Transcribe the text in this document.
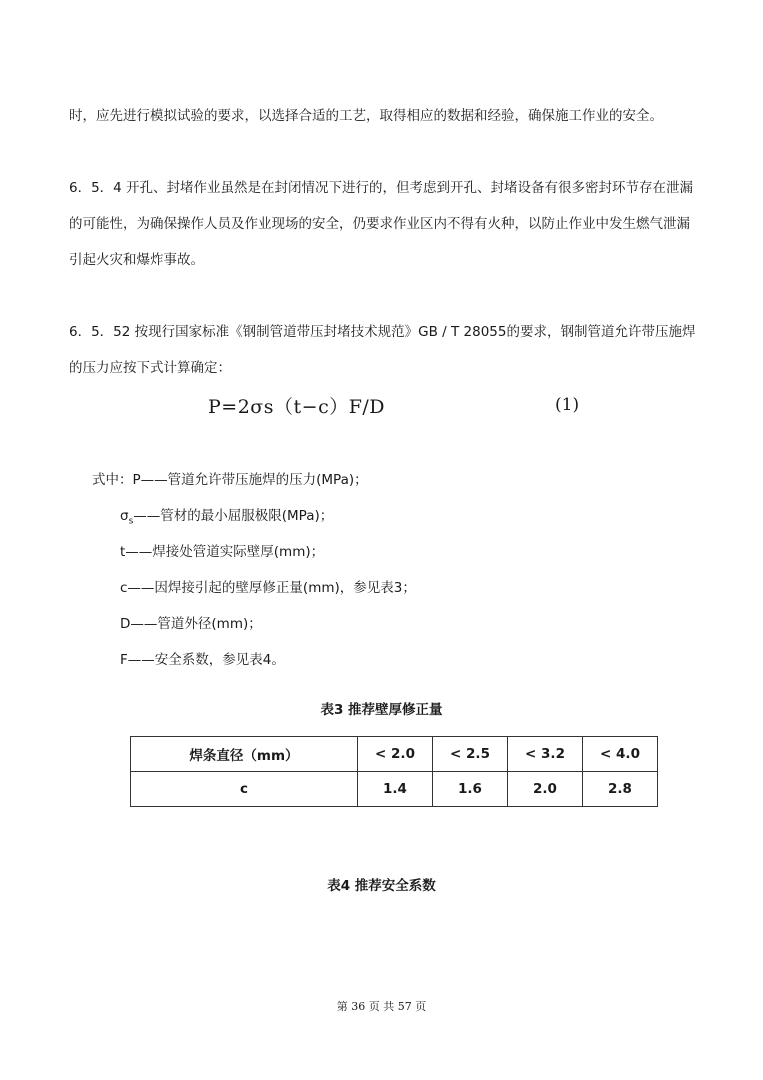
时，应先进行模拟试验的要求，以选择合适的工艺，取得相应的数据和经验，确保施工作业的安全。

6．5．4 开孔、封堵作业虽然是在封闭情况下进行的，但考虑到开孔、封堵设备有很多密封环节存在泄漏的可能性，为确保操作人员及作业现场的安全，仍要求作业区内不得有火种，以防止作业中发生燃气泄漏引起火灾和爆炸事故。

6．5．52 按现行国家标准《钢制管道带压封堵技术规范》GB / T 28055的要求，钢制管道允许带压施焊的压力应按下式计算确定：

P=2σs（t−c）F/D	(1)

式中：P——管道允许带压施焊的压力(MPa)；

$\sigma_s——$管材的最小屈服极限(MPa)；

t——焊接处管道实际壁厚(mm)；

c——因焊接引起的壁厚修正量(mm)，参见表3；

D——管道外径(mm)；

F——安全系数，参见表4。

表3 推荐壁厚修正量

焊条直径（mm）	< 2.0	< 2.5	< 3.2	< 4.0
c	1.4	1.6	2.0	2.8

表4 推荐安全系数

第 36 页 共 57 页
